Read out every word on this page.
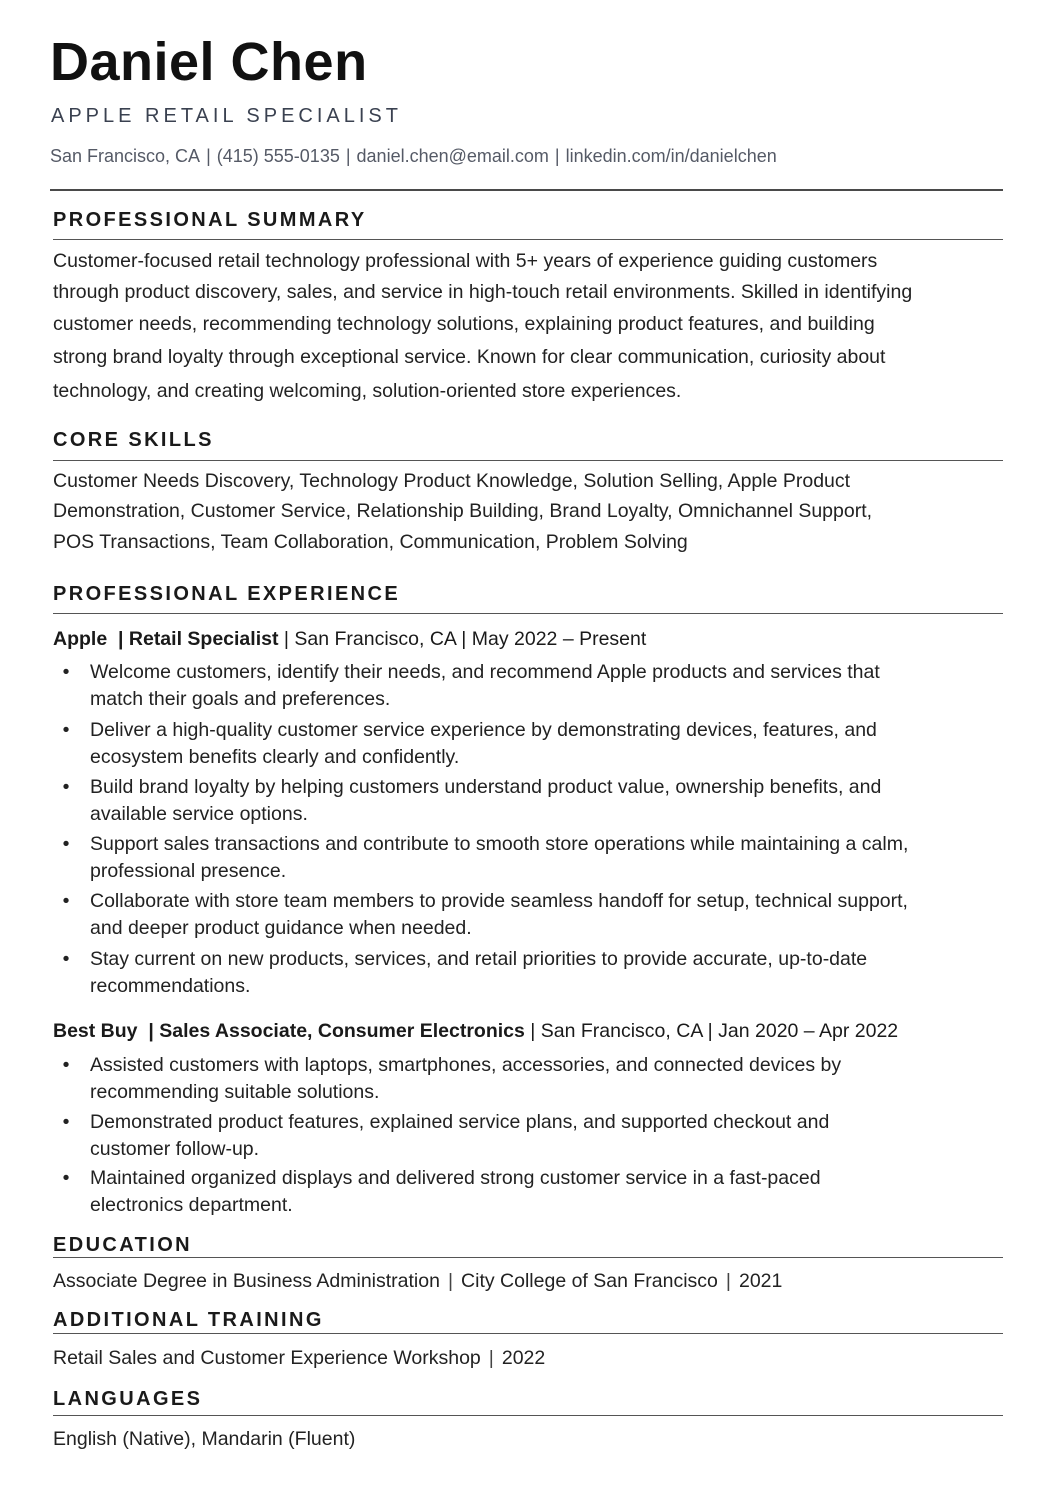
Daniel Chen
APPLE RETAIL SPECIALIST
San Francisco, CA | (415) 555-0135 | daniel.chen@email.com | linkedin.com/in/danielchen
PROFESSIONAL SUMMARY
Customer-focused retail technology professional with 5+ years of experience guiding customers
through product discovery, sales, and service in high-touch retail environments. Skilled in identifying
customer needs, recommending technology solutions, explaining product features, and building
strong brand loyalty through exceptional service. Known for clear communication, curiosity about
technology, and creating welcoming, solution-oriented store experiences.
CORE SKILLS
Customer Needs Discovery, Technology Product Knowledge, Solution Selling, Apple Product
Demonstration, Customer Service, Relationship Building, Brand Loyalty, Omnichannel Support,
POS Transactions, Team Collaboration, Communication, Problem Solving
PROFESSIONAL EXPERIENCE
Apple  | Retail Specialist | San Francisco, CA | May 2022 – Present
• Welcome customers, identify their needs, and recommend Apple products and services that
match their goals and preferences.
• Deliver a high-quality customer service experience by demonstrating devices, features, and
ecosystem benefits clearly and confidently.
• Build brand loyalty by helping customers understand product value, ownership benefits, and
available service options.
• Support sales transactions and contribute to smooth store operations while maintaining a calm,
professional presence.
• Collaborate with store team members to provide seamless handoff for setup, technical support,
and deeper product guidance when needed.
• Stay current on new products, services, and retail priorities to provide accurate, up-to-date
recommendations.
Best Buy  | Sales Associate, Consumer Electronics | San Francisco, CA | Jan 2020 – Apr 2022
• Assisted customers with laptops, smartphones, accessories, and connected devices by
recommending suitable solutions.
• Demonstrated product features, explained service plans, and supported checkout and
customer follow-up.
• Maintained organized displays and delivered strong customer service in a fast-paced
electronics department.
EDUCATION
Associate Degree in Business Administration | City College of San Francisco | 2021
ADDITIONAL TRAINING
Retail Sales and Customer Experience Workshop | 2022
LANGUAGES
English (Native), Mandarin (Fluent)
